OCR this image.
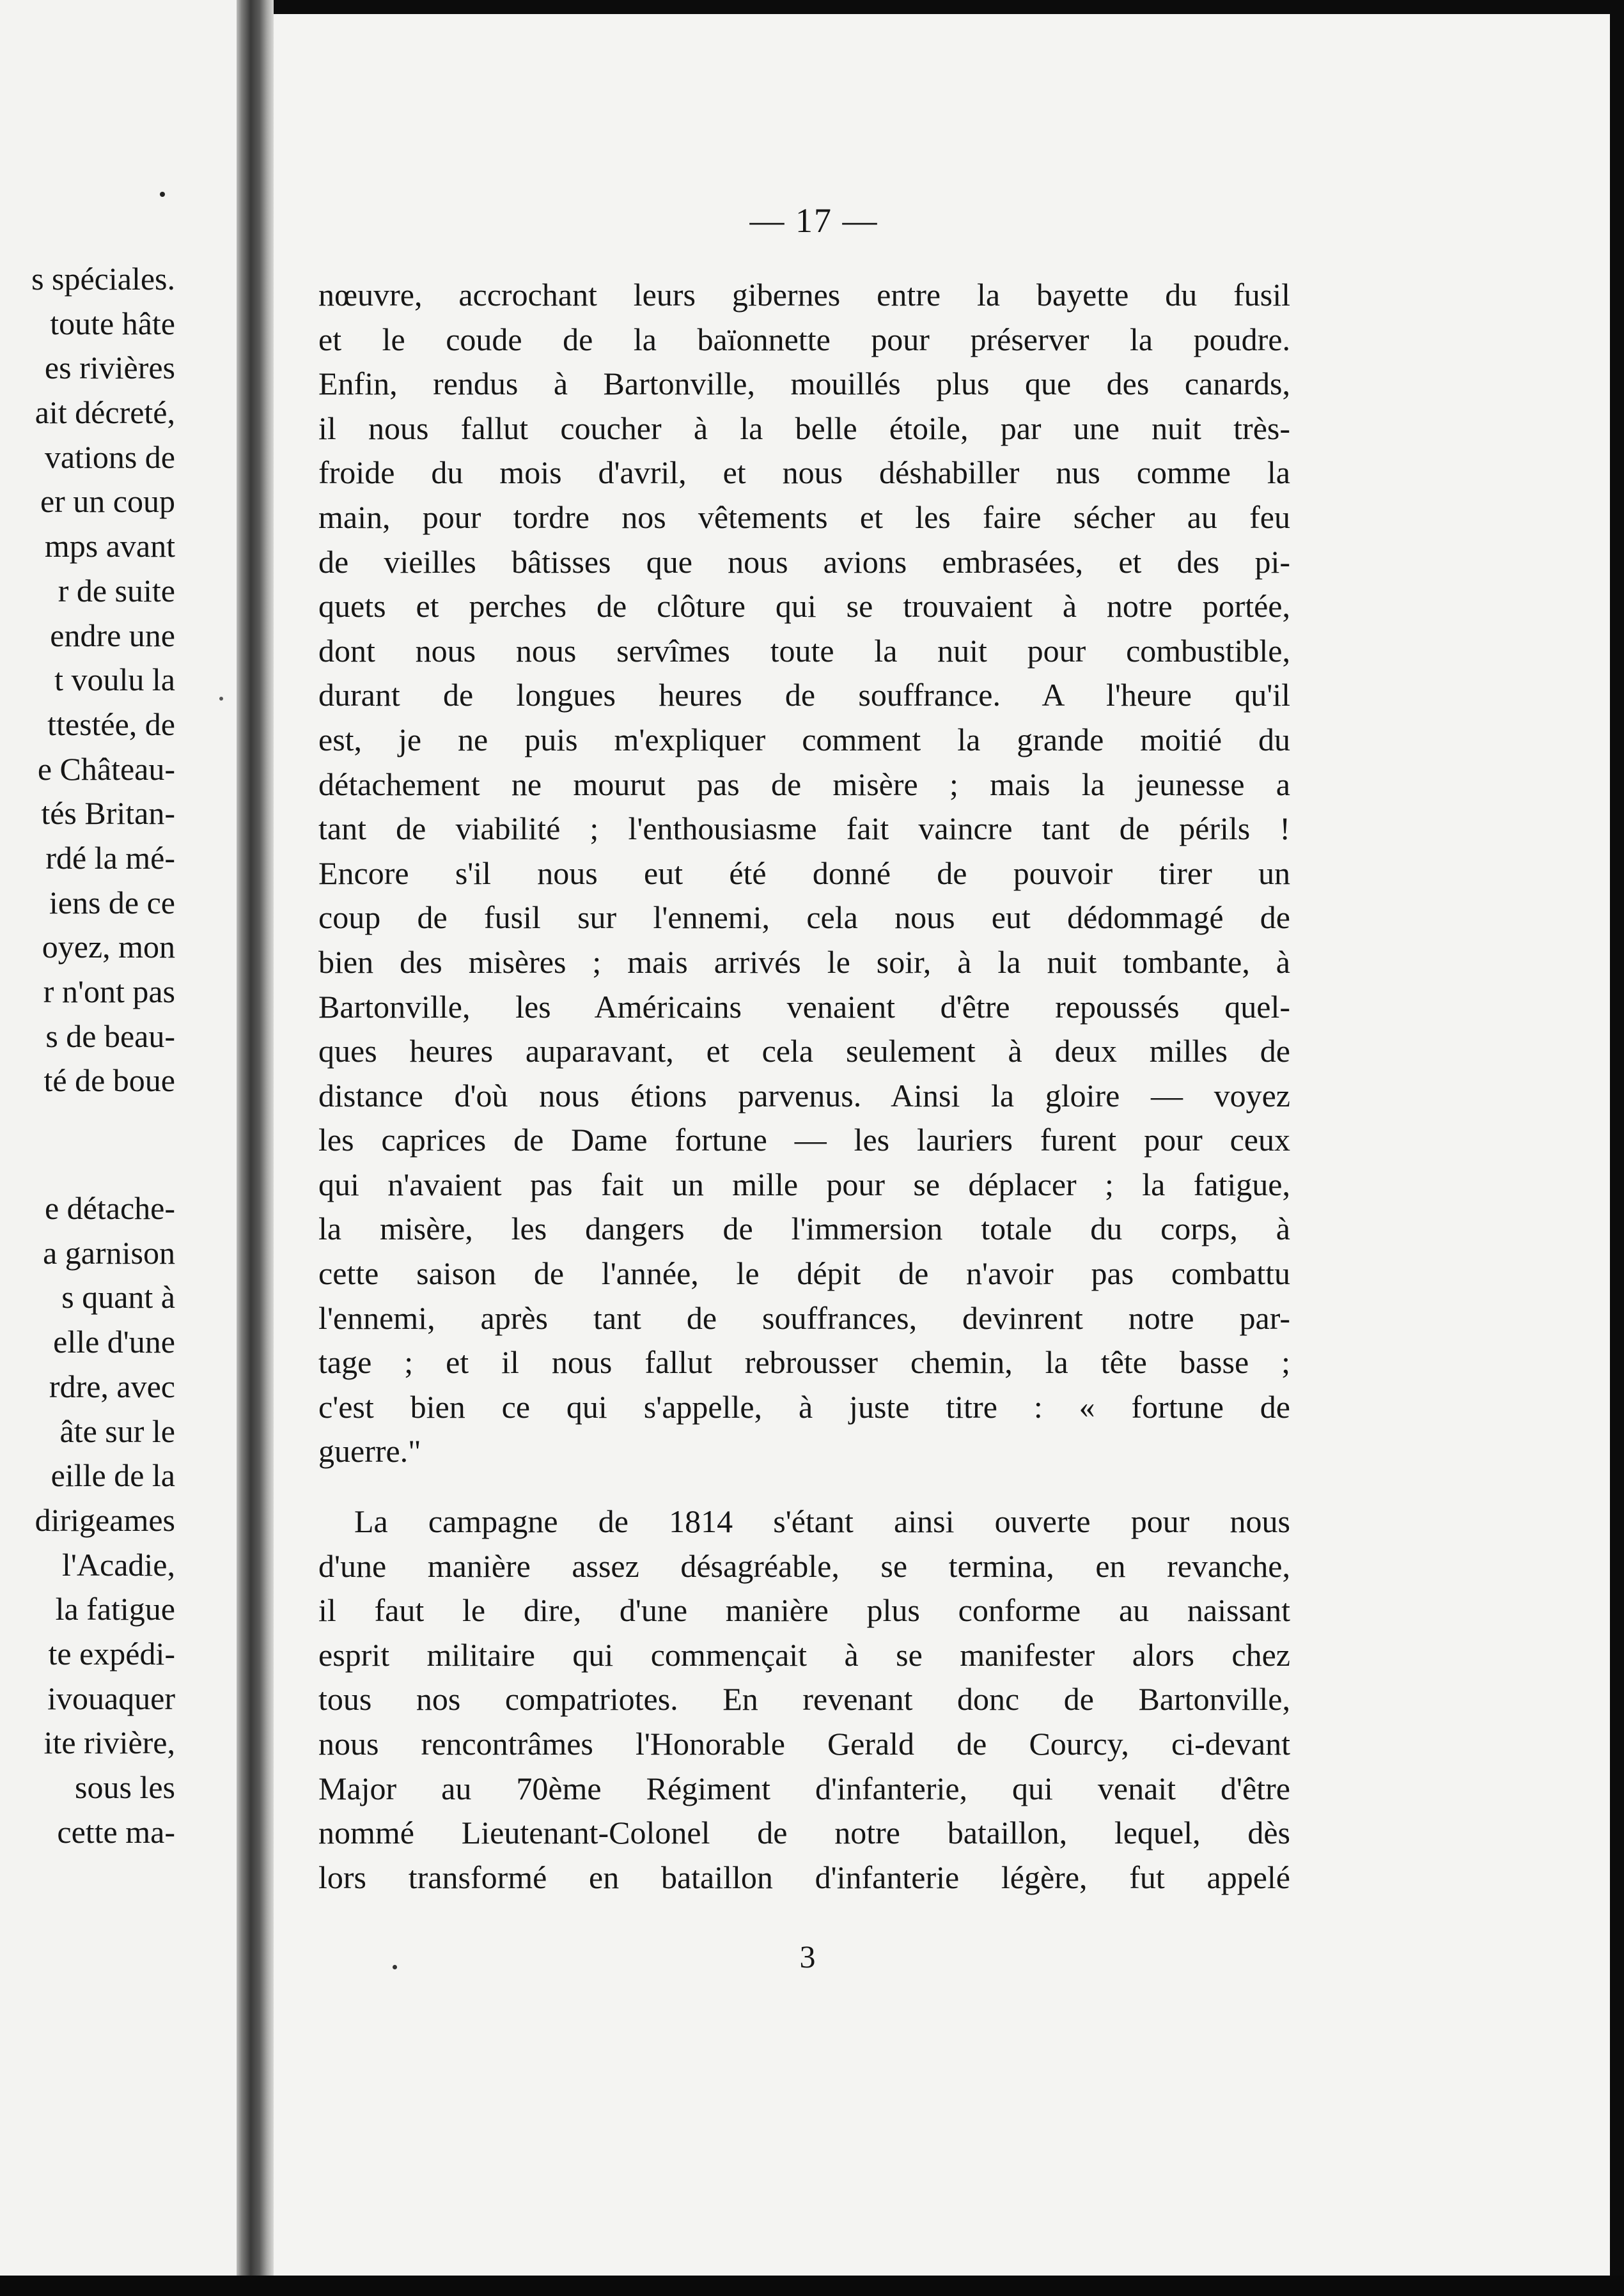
s spéciales.
toute hâte
es rivières
ait décreté,
vations de
er un coup
mps avant
r de suite
endre une
t voulu la
ttestée, de
e Château-
tés Britan-
rdé la mé-
iens de ce
oyez, mon
r n'ont pas
s de beau-
té de boue
e détache-
a garnison
s quant à
elle d'une
rdre, avec
âte sur le
eille de la
dirigeames
l'Acadie,
la fatigue
te expédi-
ivouaquer
ite rivière,
sous les
cette ma-
— 17 —
nœuvre, accrochant leurs gibernes entre la bayette du fusil
et le coude de la baïonnette pour préserver la poudre.
Enfin, rendus à Bartonville, mouillés plus que des canards,
il nous fallut coucher à la belle étoile, par une nuit très-
froide du mois d'avril, et nous déshabiller nus comme la
main, pour tordre nos vêtements et les faire sécher au feu
de vieilles bâtisses que nous avions embrasées, et des pi-
quets et perches de clôture qui se trouvaient à notre portée,
dont nous nous servîmes toute la nuit pour combustible,
durant de longues heures de souffrance. A l'heure qu'il
est, je ne puis m'expliquer comment la grande moitié du
détachement ne mourut pas de misère ; mais la jeunesse a
tant de viabilité ; l'enthousiasme fait vaincre tant de périls !
Encore s'il nous eut été donné de pouvoir tirer un
coup de fusil sur l'ennemi, cela nous eut dédommagé de
bien des misères ; mais arrivés le soir, à la nuit tombante, à
Bartonville, les Américains venaient d'être repoussés quel-
ques heures auparavant, et cela seulement à deux milles de
distance d'où nous étions parvenus. Ainsi la gloire — voyez
les caprices de Dame fortune — les lauriers furent pour ceux
qui n'avaient pas fait un mille pour se déplacer ; la fatigue,
la misère, les dangers de l'immersion totale du corps, à
cette saison de l'année, le dépit de n'avoir pas combattu
l'ennemi, après tant de souffrances, devinrent notre par-
tage ; et il nous fallut rebrousser chemin, la tête basse ;
c'est bien ce qui s'appelle, à juste titre : « fortune de
guerre."
La campagne de 1814 s'étant ainsi ouverte pour nous
d'une manière assez désagréable, se termina, en revanche,
il faut le dire, d'une manière plus conforme au naissant
esprit militaire qui commençait à se manifester alors chez
tous nos compatriotes. En revenant donc de Bartonville,
nous rencontrâmes l'Honorable Gerald de Courcy, ci-devant
Major au 70ème Régiment d'infanterie, qui venait d'être
nommé Lieutenant-Colonel de notre bataillon, lequel, dès
lors transformé en bataillon d'infanterie légère, fut appelé
3
